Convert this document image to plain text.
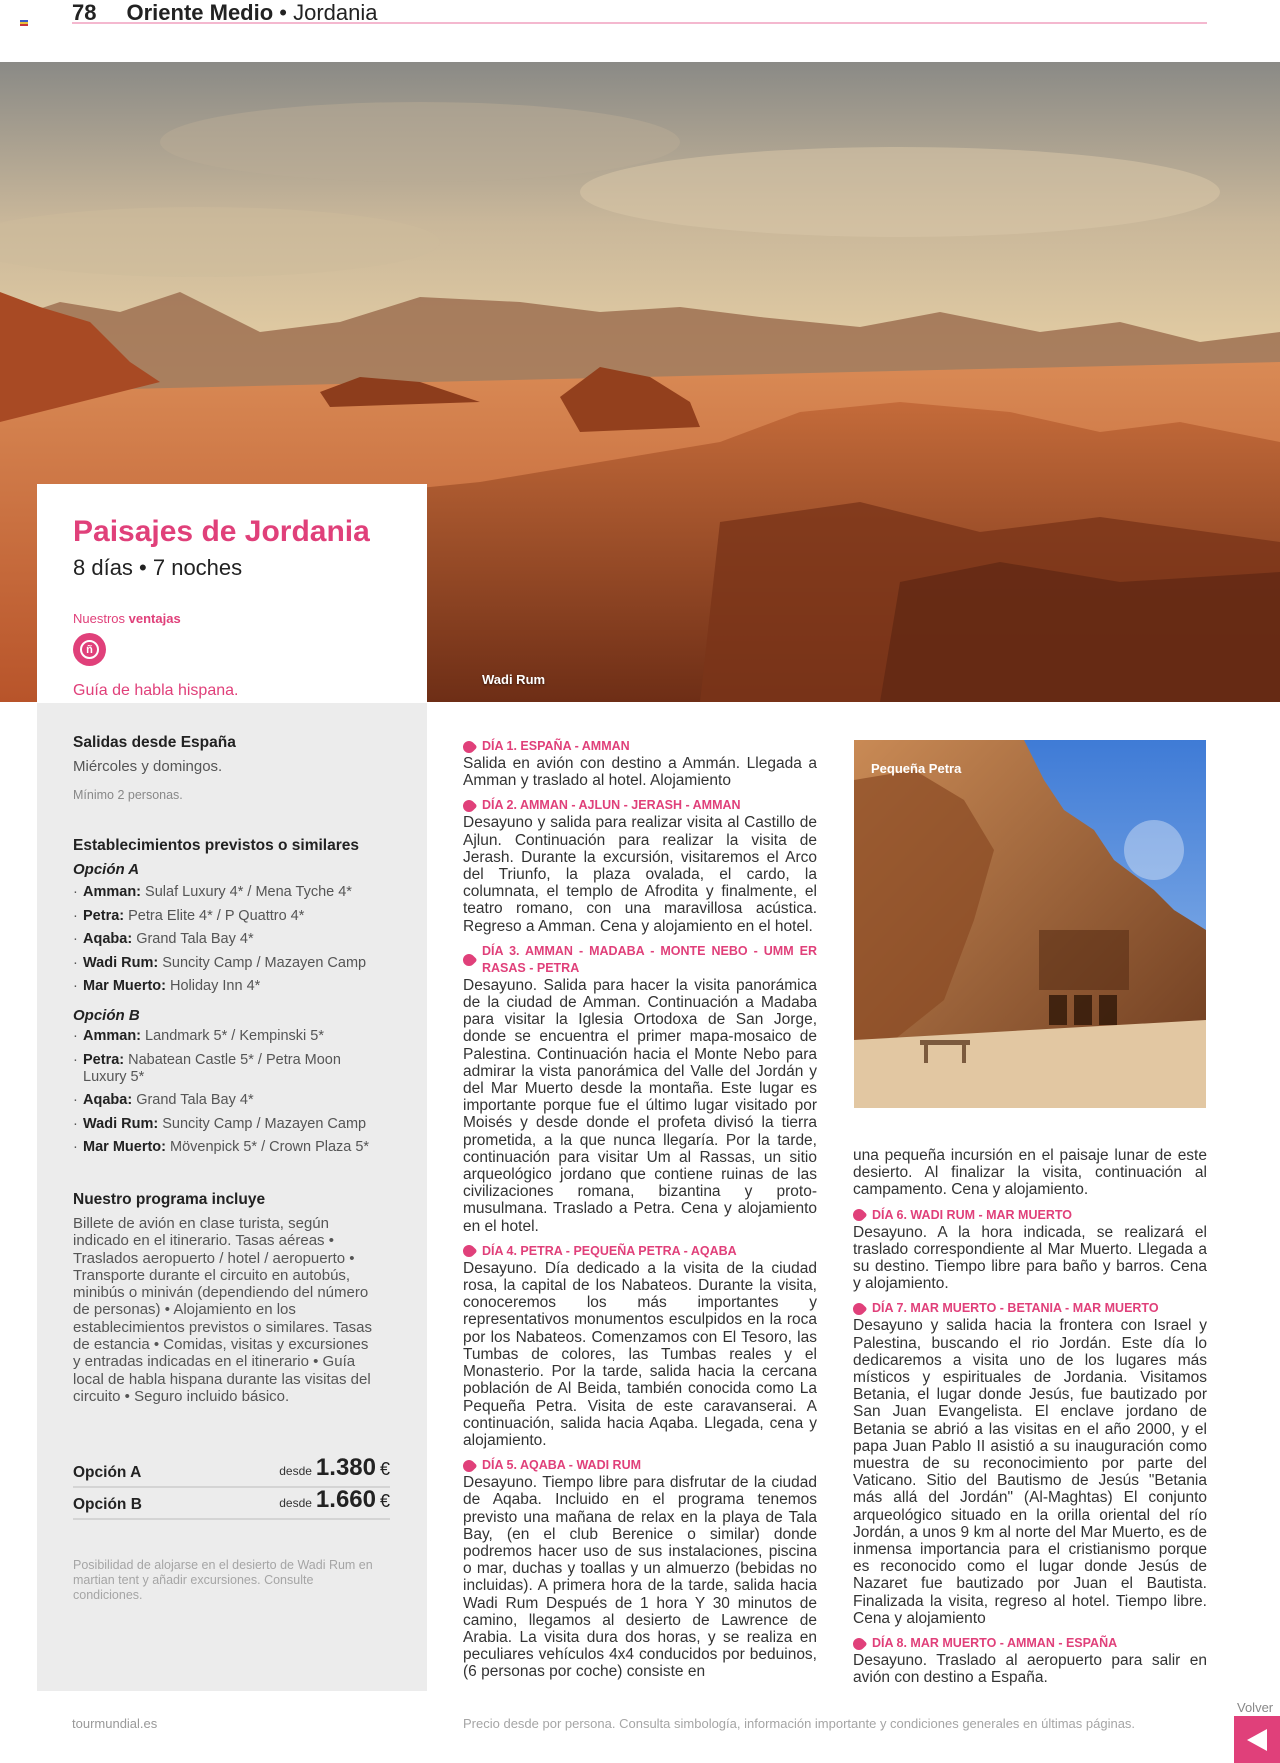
78 Oriente Medio • Jordania
Wadi Rum
Paisajes de Jordania
8 días • 7 noches
Nuestros ventajas
ñ
Guía de habla hispana.
Salidas desde España
Miércoles y domingos.
Mínimo 2 personas.
Establecimientos previstos o similares
Opción A
· Amman: Sulaf Luxury 4* / Mena Tyche 4*
· Petra: Petra Elite 4* / P Quattro 4*
· Aqaba: Grand Tala Bay 4*
· Wadi Rum: Suncity Camp / Mazayen Camp
· Mar Muerto: Holiday Inn 4*
Opción B
· Amman: Landmark 5* / Kempinski 5*
· Petra: Nabatean Castle 5* / Petra Moon Luxury 5*
· Aqaba: Grand Tala Bay 4*
· Wadi Rum: Suncity Camp / Mazayen Camp
· Mar Muerto: Mövenpick 5* / Crown Plaza 5*
Nuestro programa incluye
Billete de avión en clase turista, según indicado en el itinerario. Tasas aéreas • Traslados aeropuerto / hotel / aeropuerto • Transporte durante el circuito en autobús, minibús o miniván (dependiendo del número de personas) • Alojamiento en los establecimientos previstos o similares. Tasas de estancia • Comidas, visitas y excursiones y entradas indicadas en el itinerario • Guía local de habla hispana durante las visitas del circuito • Seguro incluido básico.
Opción A	desde 1.380 €
Opción B	desde 1.660 €
Posibilidad de alojarse en el desierto de Wadi Rum en martian tent y añadir excursiones. Consulte condiciones.
DÍA 1. ESPAÑA - AMMAN
Salida en avión con destino a Ammán. Llegada a Amman y traslado al hotel. Alojamiento
DÍA 2. AMMAN - AJLUN - JERASH - AMMAN
Desayuno y salida para realizar visita al Castillo de Ajlun. Continuación para realizar la visita de Jerash. Durante la excursión, visitaremos el Arco del Triunfo, la plaza ovalada, el cardo, la columnata, el templo de Afrodita y finalmente, el teatro romano, con una maravillosa acústica. Regreso a Amman. Cena y alojamiento en el hotel.
DÍA 3. AMMAN - MADABA - MONTE NEBO - UMM ER RASAS - PETRA
Desayuno. Salida para hacer la visita panorámica de la ciudad de Amman. Continuación a Madaba para visitar la Iglesia Ortodoxa de San Jorge, donde se encuentra el primer mapa-mosaico de Palestina. Continuación hacia el Monte Nebo para admirar la vista panorámica del Valle del Jordán y del Mar Muerto desde la montaña. Este lugar es importante porque fue el último lugar visitado por Moisés y desde donde el profeta divisó la tierra prometida, a la que nunca llegaría. Por la tarde, continuación para visitar Um al Rassas, un sitio arqueológico jordano que contiene ruinas de las civilizaciones romana, bizantina y proto-musulmana. Traslado a Petra. Cena y alojamiento en el hotel.
DÍA 4. PETRA - PEQUEÑA PETRA - AQABA
Desayuno. Día dedicado a la visita de la ciudad rosa, la capital de los Nabateos. Durante la visita, conoceremos los más importantes y representativos monumentos esculpidos en la roca por los Nabateos. Comenzamos con El Tesoro, las Tumbas de colores, las Tumbas reales y el Monasterio. Por la tarde, salida hacia la cercana población de Al Beida, también conocida como La Pequeña Petra. Visita de este caravanserai. A continuación, salida hacia Aqaba. Llegada, cena y alojamiento.
DÍA 5. AQABA - WADI RUM
Desayuno. Tiempo libre para disfrutar de la ciudad de Aqaba. Incluido en el programa tenemos previsto una mañana de relax en la playa de Tala Bay, (en el club Berenice o similar) donde podremos hacer uso de sus instalaciones, piscina o mar, duchas y toallas y un almuerzo (bebidas no incluidas). A primera hora de la tarde, salida hacia Wadi Rum Después de 1 hora Y 30 minutos de camino, llegamos al desierto de Lawrence de Arabia. La visita dura dos horas, y se realiza en peculiares vehículos 4x4 conducidos por beduinos, (6 personas por coche) consiste en
Pequeña Petra
una pequeña incursión en el paisaje lunar de este desierto. Al finalizar la visita, continuación al campamento. Cena y alojamiento.
DÍA 6. WADI RUM - MAR MUERTO
Desayuno. A la hora indicada, se realizará el traslado correspondiente al Mar Muerto. Llegada a su destino. Tiempo libre para baño y barros. Cena y alojamiento.
DÍA 7. MAR MUERTO - BETANIA - MAR MUERTO
Desayuno y salida hacia la frontera con Israel y Palestina, buscando el rio Jordán. Este día lo dedicaremos a visita uno de los lugares más místicos y espirituales de Jordania. Visitamos Betania, el lugar donde Jesús, fue bautizado por San Juan Evangelista. El enclave jordano de Betania se abrió a las visitas en el año 2000, y el papa Juan Pablo II asistió a su inauguración como muestra de su reconocimiento por parte del Vaticano. Sitio del Bautismo de Jesús "Betania más allá del Jordán" (Al-Maghtas) El conjunto arqueológico situado en la orilla oriental del río Jordán, a unos 9 km al norte del Mar Muerto, es de inmensa importancia para el cristianismo porque es reconocido como el lugar donde Jesús de Nazaret fue bautizado por Juan el Bautista. Finalizada la visita, regreso al hotel. Tiempo libre. Cena y alojamiento
DÍA 8. MAR MUERTO - AMMAN - ESPAÑA
Desayuno. Traslado al aeropuerto para salir en avión con destino a España.
tourmundial.es	Precio desde por persona. Consulta simbología, información importante y condiciones generales en últimas páginas.
Volver
